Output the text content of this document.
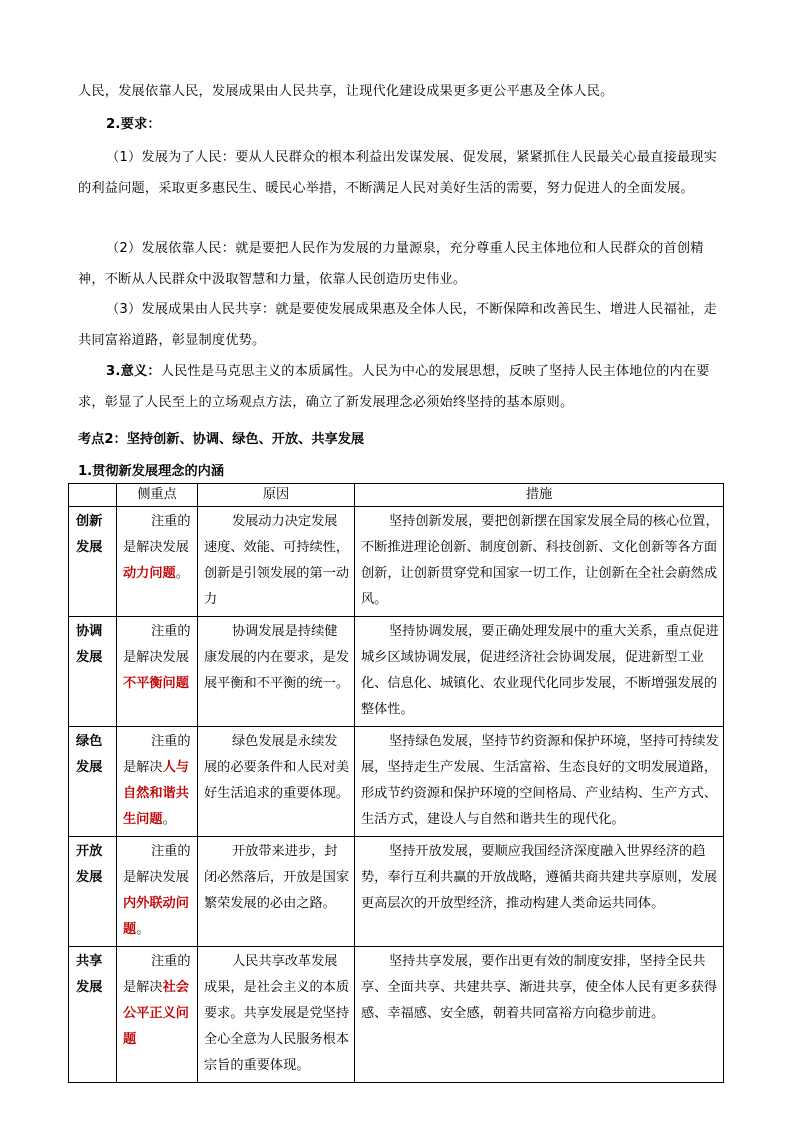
人民，发展依靠人民，发展成果由人民共享，让现代化建设成果更多更公平惠及全体人民。

2.要求：

（1）发展为了人民：要从人民群众的根本利益出发谋发展、促发展，紧紧抓住人民最关心最直接最现实的利益问题，采取更多惠民生、暖民心举措，不断满足人民对美好生活的需要，努力促进人的全面发展。

（2）发展依靠人民：就是要把人民作为发展的力量源泉，充分尊重人民主体地位和人民群众的首创精神，不断从人民群众中汲取智慧和力量，依靠人民创造历史伟业。

（3）发展成果由人民共享：就是要使发展成果惠及全体人民，不断保障和改善民生、增进人民福祉，走共同富裕道路，彰显制度优势。

3.意义：人民性是马克思主义的本质属性。人民为中心的发展思想，反映了坚持人民主体地位的内在要求，彰显了人民至上的立场观点方法，确立了新发展理念必须始终坚持的基本原则。

考点2：坚持创新、协调、绿色、开放、共享发展

1.贯彻新发展理念的内涵

	侧重点	原因	措施
创新发展	注重的是解决发展动力问题。	发展动力决定发展速度、效能、可持续性，创新是引领发展的第一动力	坚持创新发展，要把创新摆在国家发展全局的核心位置，不断推进理论创新、制度创新、科技创新、文化创新等各方面创新，让创新贯穿党和国家一切工作，让创新在全社会蔚然成风。

协调发展	注重的是解决发展不平衡问题	协调发展是持续健康发展的内在要求，是发展平衡和不平衡的统一。	坚持协调发展，要正确处理发展中的重大关系，重点促进城乡区域协调发展，促进经济社会协调发展，促进新型工业化、信息化、城镇化、农业现代化同步发展，不断增强发展的整体性。

绿色发展	注重的是解决人与自然和谐共生问题。	绿色发展是永续发展的必要条件和人民对美好生活追求的重要体现。	坚持绿色发展，坚持节约资源和保护环境，坚持可持续发展，坚持走生产发展、生活富裕、生态良好的文明发展道路，形成节约资源和保护环境的空间格局、产业结构、生产方式、生活方式，建设人与自然和谐共生的现代化。

开放发展	注重的是解决发展内外联动问题。	开放带来进步，封闭必然落后，开放是国家繁荣发展的必由之路。	坚持开放发展，要顺应我国经济深度融入世界经济的趋势，奉行互利共赢的开放战略，遵循共商共建共享原则，发展更高层次的开放型经济，推动构建人类命运共同体。

共享发展	注重的是解决社会公平正义问题	人民共享改革发展成果，是社会主义的本质要求。共享发展是党坚持全心全意为人民服务根本宗旨的重要体现。	坚持共享发展，要作出更有效的制度安排，坚持全民共享、全面共享、共建共享、渐进共享，使全体人民有更多获得感、幸福感、安全感，朝着共同富裕方向稳步前进。
